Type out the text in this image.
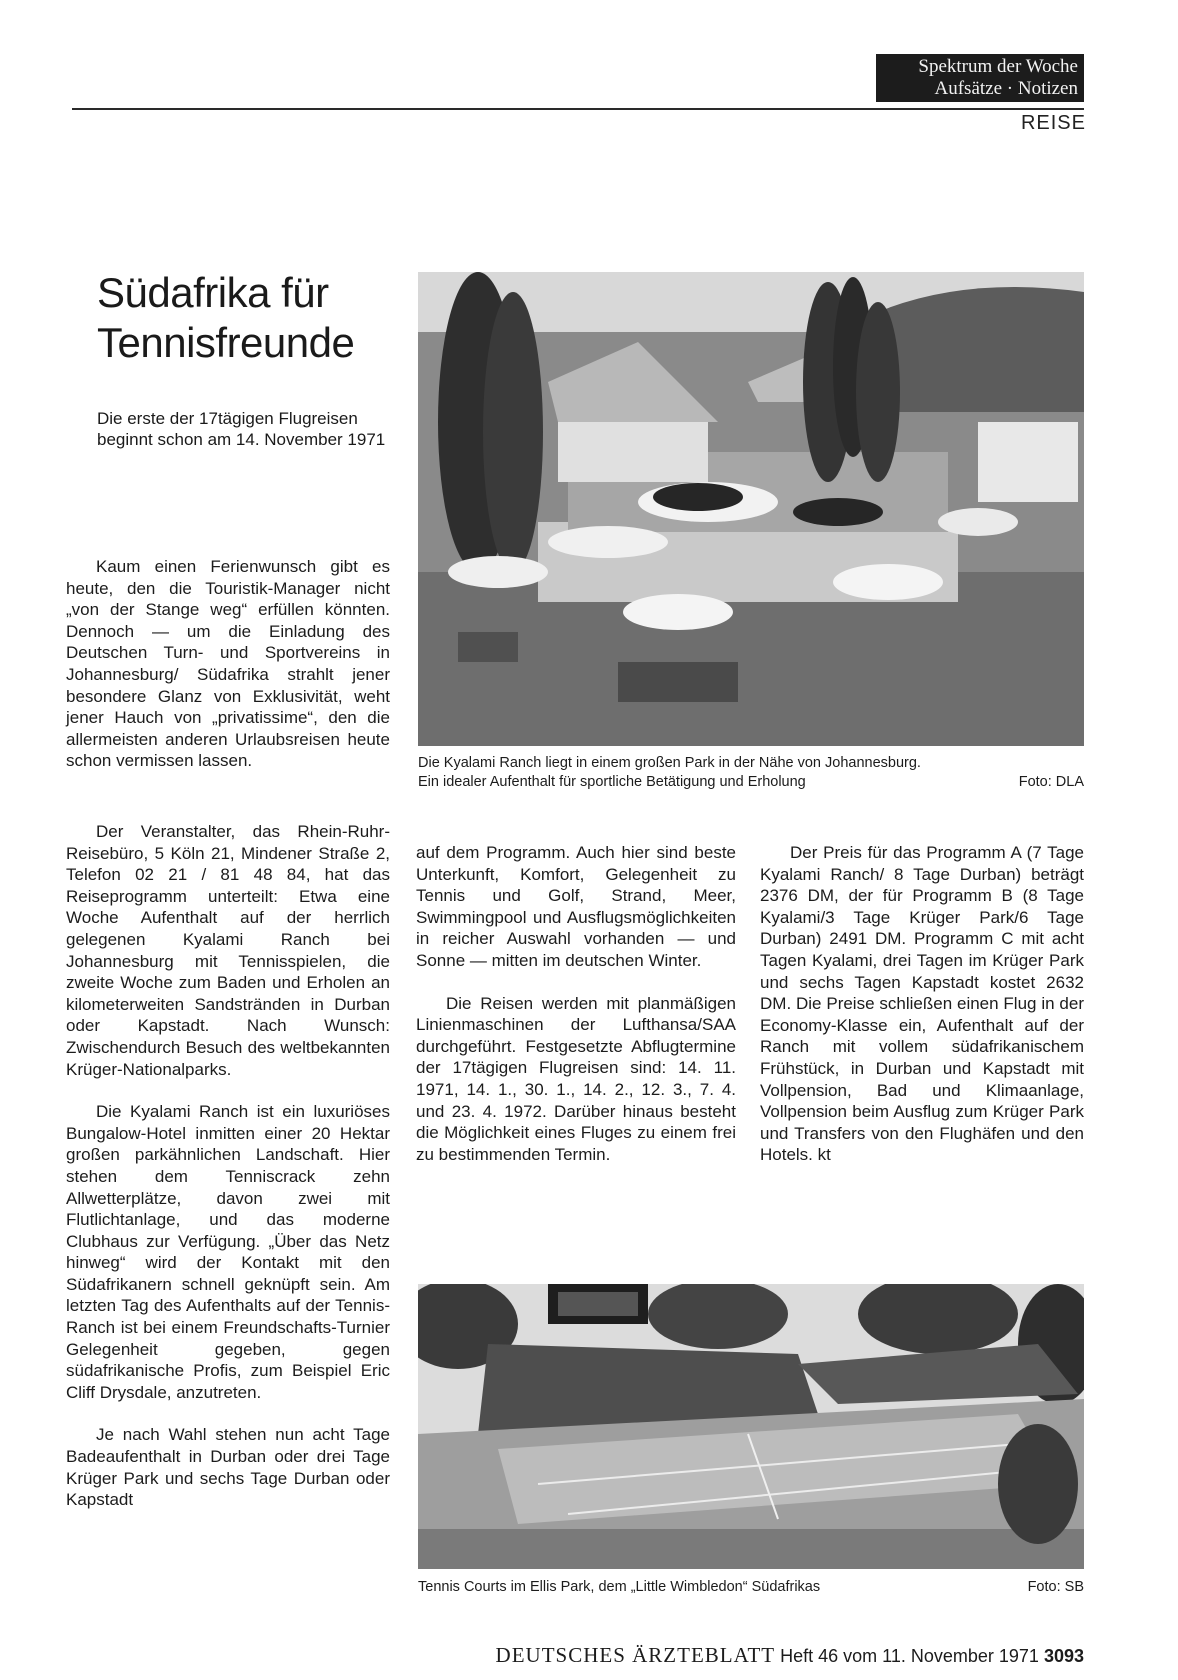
Spektrum der Woche
Aufsätze · Notizen
REISE
Südafrika für
Tennisfreunde
Die erste der 17tägigen Flugreisen beginnt schon am 14. November 1971

Kaum einen Ferienwunsch gibt es heute, den die Touristik-Manager nicht „von der Stange weg“ erfüllen könnten. Dennoch — um die Einladung des Deutschen Turn- und Sportvereins in Johannesburg/ Südafrika strahlt jener besondere Glanz von Exklusivität, weht jener Hauch von „privatissime“, den die allermeisten anderen Urlaubsreisen heute schon vermissen lassen.

Der Veranstalter, das Rhein-Ruhr-Reisebüro, 5 Köln 21, Mindener Straße 2, Telefon 02 21 / 81 48 84, hat das Reiseprogramm unterteilt: Etwa eine Woche Aufenthalt auf der herrlich gelegenen Kyalami Ranch bei Johannesburg mit Tennisspielen, die zweite Woche zum Baden und Erholen an kilometerweiten Sandstränden in Durban oder Kapstadt. Nach Wunsch: Zwischendurch Besuch des weltbekannten Krüger-Nationalparks.

Die Kyalami Ranch ist ein luxuriöses Bungalow-Hotel inmitten einer 20 Hektar großen parkähnlichen Landschaft. Hier stehen dem Tenniscrack zehn Allwetterplätze, davon zwei mit Flutlichtanlage, und das moderne Clubhaus zur Verfügung. „Über das Netz hinweg“ wird der Kontakt mit den Südafrikanern schnell geknüpft sein. Am letzten Tag des Aufenthalts auf der Tennis-Ranch ist bei einem Freundschafts-Turnier Gelegenheit gegeben, gegen südafrikanische Profis, zum Beispiel Eric Cliff Drysdale, anzutreten.

Je nach Wahl stehen nun acht Tage Badeaufenthalt in Durban oder drei Tage Krüger Park und sechs Tage Durban oder Kapstadt

Die Kyalami Ranch liegt in einem großen Park in der Nähe von Johannesburg.
Ein idealer Aufenthalt für sportliche Betätigung und Erholung	Foto: DLA

auf dem Programm. Auch hier sind beste Unterkunft, Komfort, Gelegenheit zu Tennis und Golf, Strand, Meer, Swimmingpool und Ausflugsmöglichkeiten in reicher Auswahl vorhanden — und Sonne — mitten im deutschen Winter.

Die Reisen werden mit planmäßigen Linienmaschinen der Lufthansa/SAA durchgeführt. Festgesetzte Abflugtermine der 17tägigen Flugreisen sind: 14. 11. 1971, 14. 1., 30. 1., 14. 2., 12. 3., 7. 4. und 23. 4. 1972. Darüber hinaus besteht die Möglichkeit eines Fluges zu einem frei zu bestimmenden Termin.

Der Preis für das Programm A (7 Tage Kyalami Ranch/ 8 Tage Durban) beträgt 2376 DM, der für Programm B (8 Tage Kyalami/3 Tage Krüger Park/6 Tage Durban) 2491 DM. Programm C mit acht Tagen Kyalami, drei Tagen im Krüger Park und sechs Tagen Kapstadt kostet 2632 DM. Die Preise schließen einen Flug in der Economy-Klasse ein, Aufenthalt auf der Ranch mit vollem südafrikanischem Frühstück, in Durban und Kapstadt mit Vollpension, Bad und Klimaanlage, Vollpension beim Ausflug zum Krüger Park und Transfers von den Flughäfen und den Hotels. kt

Tennis Courts im Ellis Park, dem „Little Wimbledon“ Südafrikas	Foto: SB
DEUTSCHES ÄRZTEBLATT Heft 46 vom 11. November 1971 3093
